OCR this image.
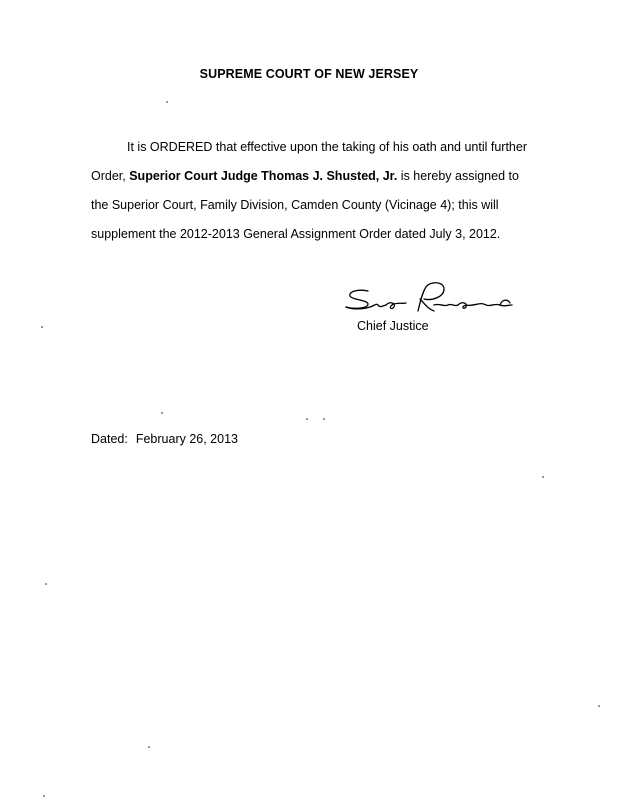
SUPREME COURT OF NEW JERSEY
It is ORDERED that effective upon the taking of his oath and until further
Order, Superior Court Judge Thomas J. Shusted, Jr. is hereby assigned to
the Superior Court, Family Division, Camden County (Vicinage 4); this will
supplement the 2012-2013 General Assignment Order dated July 3, 2012.
Chief Justice
Dated: February 26, 2013
